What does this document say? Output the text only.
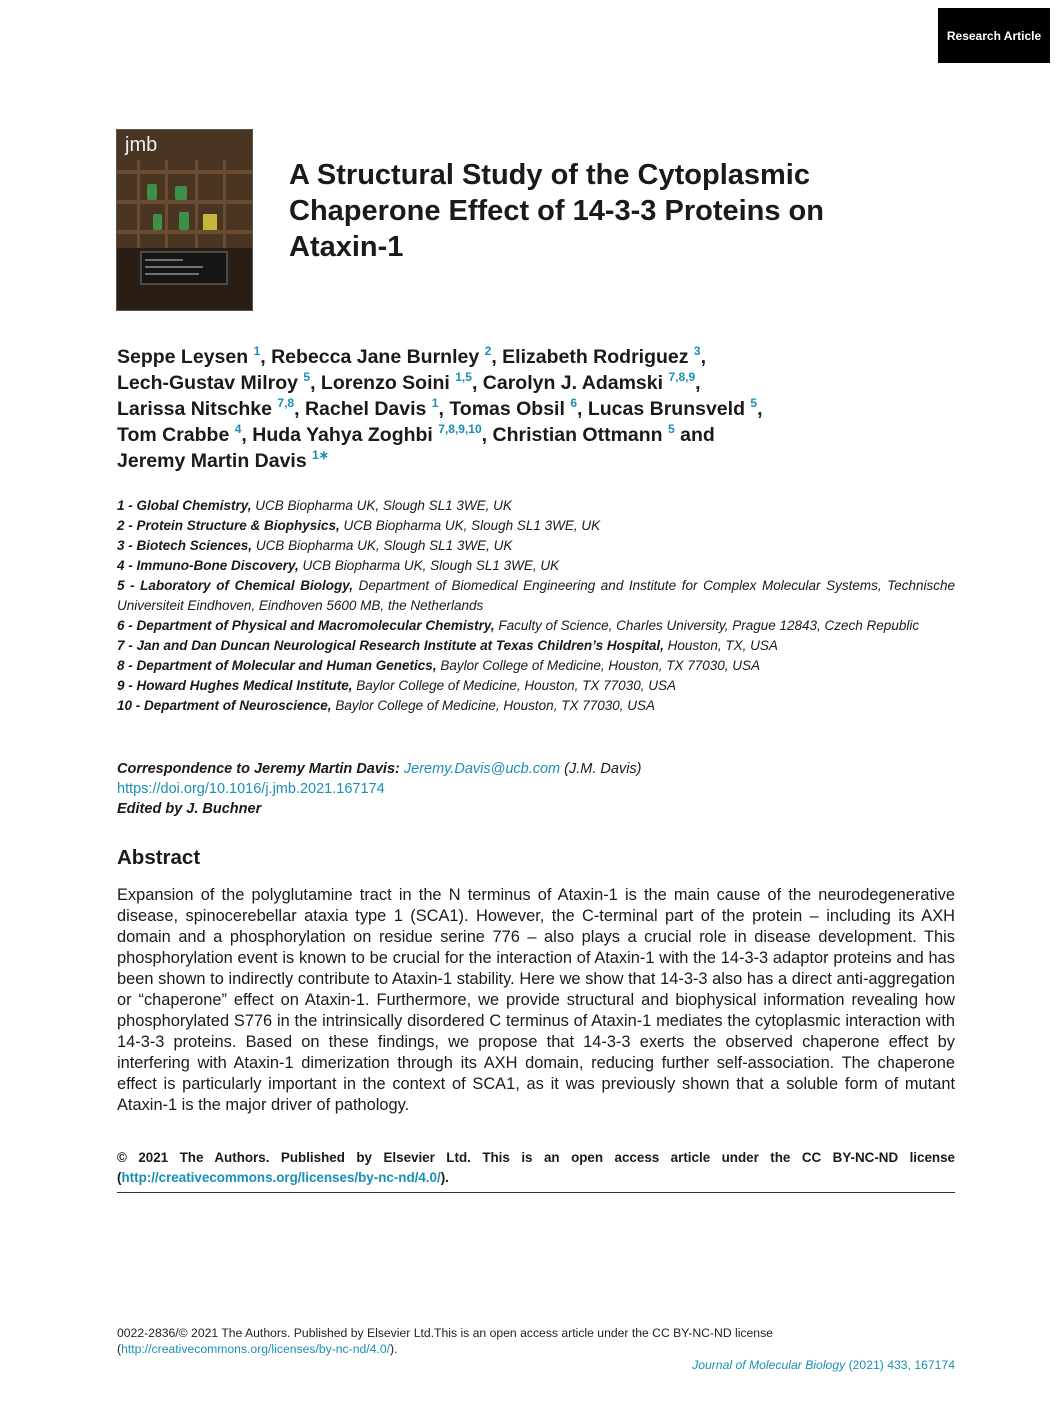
Research Article
jmb
A Structural Study of the Cytoplasmic Chaperone Effect of 14-3-3 Proteins on Ataxin-1
Seppe Leysen $^1$, Rebecca Jane Burnley $^2$, Elizabeth Rodriguez $^3$,
Lech-Gustav Milroy $^5$, Lorenzo Soini $^{1,5}$, Carolyn J. Adamski $^{7,8,9}$,
Larissa Nitschke $^{7,8}$, Rachel Davis $^1$, Tomas Obsil $^6$, Lucas Brunsveld $^5$,
Tom Crabbe $^4$, Huda Yahya Zoghbi $^{7,8,9,10}$, Christian Ottmann $^5$ and
Jeremy Martin Davis $^{1∗}$
1 - Global Chemistry, UCB Biopharma UK, Slough SL1 3WE, UK
2 - Protein Structure & Biophysics, UCB Biopharma UK, Slough SL1 3WE, UK
3 - Biotech Sciences, UCB Biopharma UK, Slough SL1 3WE, UK
4 - Immuno-Bone Discovery, UCB Biopharma UK, Slough SL1 3WE, UK
5 - Laboratory of Chemical Biology, Department of Biomedical Engineering and Institute for Complex Molecular Systems, Technische Universiteit Eindhoven, Eindhoven 5600 MB, the Netherlands
6 - Department of Physical and Macromolecular Chemistry, Faculty of Science, Charles University, Prague 12843, Czech Republic
7 - Jan and Dan Duncan Neurological Research Institute at Texas Children’s Hospital, Houston, TX, USA
8 - Department of Molecular and Human Genetics, Baylor College of Medicine, Houston, TX 77030, USA
9 - Howard Hughes Medical Institute, Baylor College of Medicine, Houston, TX 77030, USA
10 - Department of Neuroscience, Baylor College of Medicine, Houston, TX 77030, USA
Correspondence to Jeremy Martin Davis: Jeremy.Davis@ucb.com (J.M. Davis)
https://doi.org/10.1016/j.jmb.2021.167174
Edited by J. Buchner
Abstract

Expansion of the polyglutamine tract in the N terminus of Ataxin-1 is the main cause of the neurodegenerative disease, spinocerebellar ataxia type 1 (SCA1). However, the C-terminal part of the protein – including its AXH domain and a phosphorylation on residue serine 776 – also plays a crucial role in disease development. This phosphorylation event is known to be crucial for the interaction of Ataxin-1 with the 14-3-3 adaptor proteins and has been shown to indirectly contribute to Ataxin-1 stability. Here we show that 14-3-3 also has a direct anti-aggregation or “chaperone” effect on Ataxin-1. Furthermore, we provide structural and biophysical information revealing how phosphorylated S776 in the intrinsically disordered C terminus of Ataxin-1 mediates the cytoplasmic interaction with 14-3-3 proteins. Based on these findings, we propose that 14-3-3 exerts the observed chaperone effect by interfering with Ataxin-1 dimerization through its AXH domain, reducing further self-association. The chaperone effect is particularly important in the context of SCA1, as it was previously shown that a soluble form of mutant Ataxin-1 is the major driver of pathology.

© 2021 The Authors. Published by Elsevier Ltd. This is an open access article under the CC BY-NC-ND license (http://creativecommons.org/licenses/by-nc-nd/4.0/).
0022-2836/© 2021 The Authors. Published by Elsevier Ltd.This is an open access article under the CC BY-NC-ND license (http://creativecommons.org/licenses/by-nc-nd/4.0/).
Journal of Molecular Biology (2021) 433, 167174
